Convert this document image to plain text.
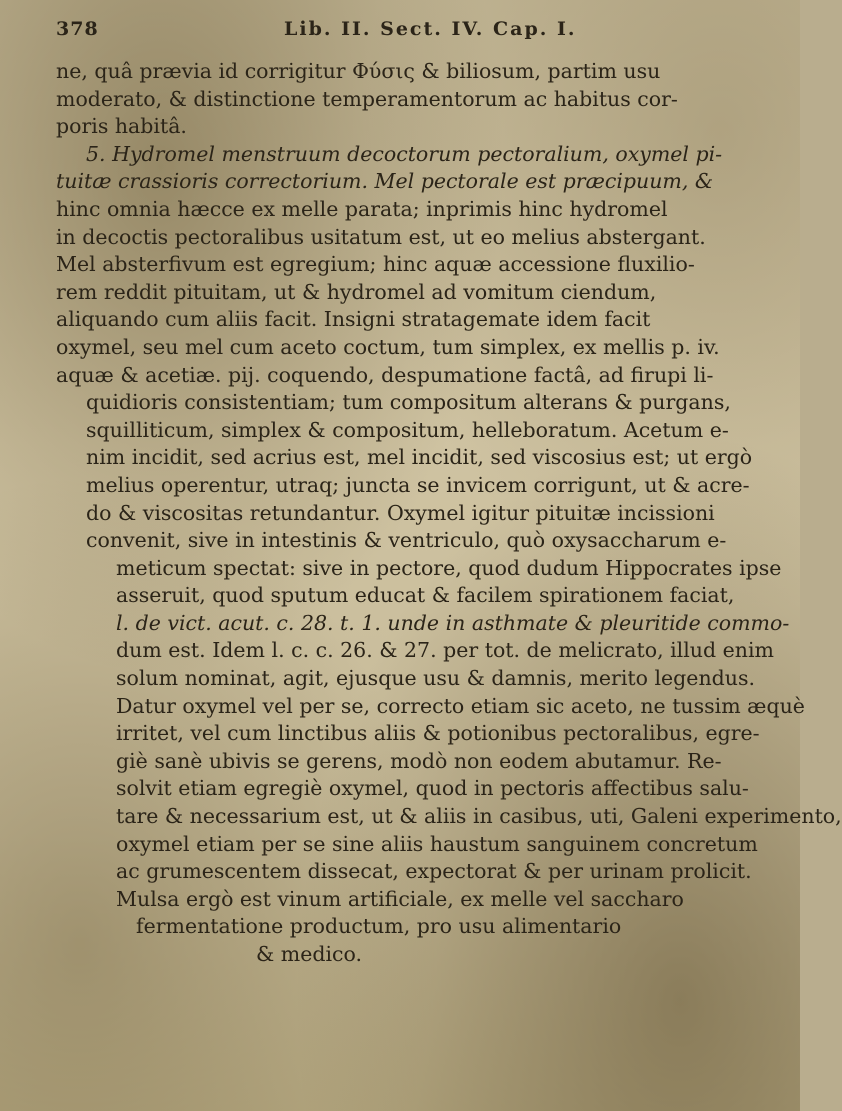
378	Lib. II. Sect. IV. Cap. I.
ne, quâ prævia id corrigitur Φύσις & biliosum, partim usu
moderato, & distinctione temperamentorum ac habitus cor-
poris habitâ.
5. Hydromel menstruum decoctorum pectoralium, oxymel pi-
tuitæ crassioris correctorium. Mel pectorale est præcipuum, &
hinc omnia hæcce ex melle parata; inprimis hinc hydromel
in decoctis pectoralibus usitatum est, ut eo melius abstergant.
Mel absterfivum est egregium; hinc aquæ accessione fluxilio-
rem reddit pituitam, ut & hydromel ad vomitum ciendum,
aliquando cum aliis facit. Insigni stratagemate idem facit
oxymel, seu mel cum aceto coctum, tum simplex, ex mellis p. iv.
aquæ & acetiæ. pij. coquendo, despumatione factâ, ad firupi li-
quidioris consistentiam; tum compositum alterans & purgans,
squilliticum, simplex & compositum, helleboratum. Acetum e-
nim incidit, sed acrius est, mel incidit, sed viscosius est; ut ergò
melius operentur, utraq; juncta se invicem corrigunt, ut & acre-
do & viscositas retundantur. Oxymel igitur pituitæ incissioni
convenit, sive in intestinis & ventriculo, quò oxysaccharum e-
meticum spectat: sive in pectore, quod dudum Hippocrates ipse
asseruit, quod sputum educat & facilem spirationem faciat,
l. de vict. acut. c. 28. t. 1. unde in asthmate & pleuritide commo-
dum est. Idem l. c. c. 26. & 27. per tot. de melicrato, illud enim
solum nominat, agit, ejusque usu & damnis, merito legendus.
Datur oxymel vel per se, correcto etiam sic aceto, ne tussim æquè
irritet, vel cum linctibus aliis & potionibus pectoralibus, egre-
giè sanè ubivis se gerens, modò non eodem abutamur. Re-
solvit etiam egregiè oxymel, quod in pectoris affectibus salu-
tare & necessarium est, ut & aliis in casibus, uti, Galeni experimento,
oxymel etiam per se sine aliis haustum sanguinem concretum
ac grumescentem dissecat, expectorat & per urinam prolicit.
Mulsa ergò est vinum artificiale, ex melle vel saccharo
fermentatione productum, pro usu alimentario
& medico.
